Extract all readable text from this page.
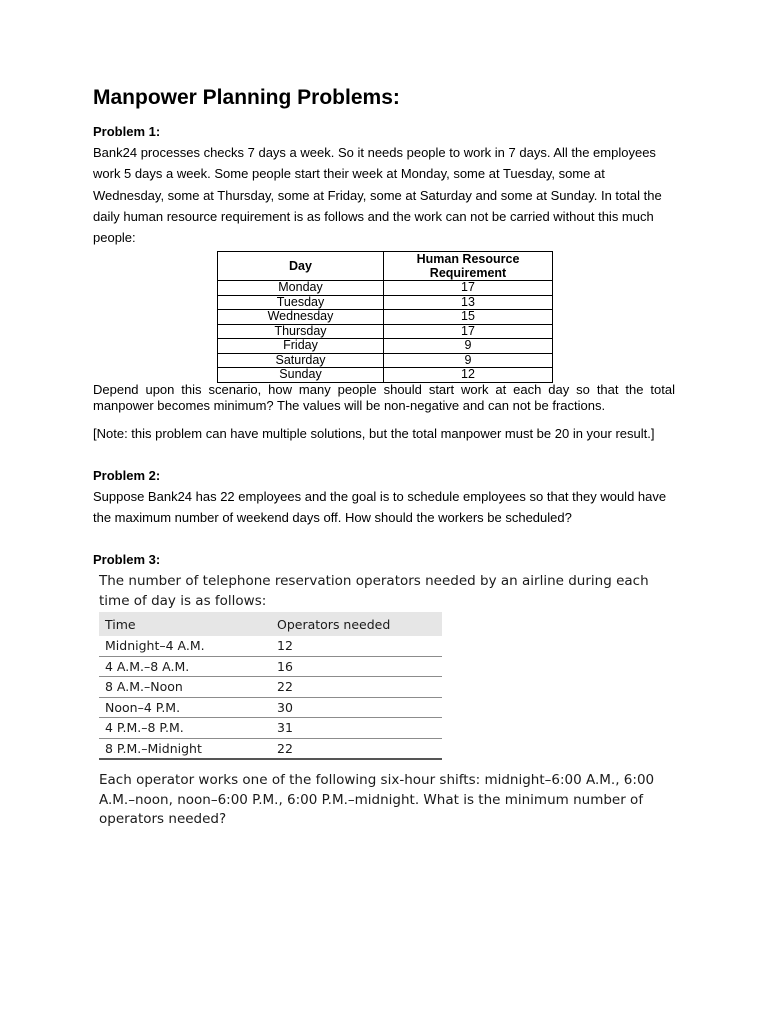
Manpower Planning Problems:

Problem 1:

Bank24 processes checks 7 days a week. So it needs people to work in 7 days. All the employees work 5 days a week. Some people start their week at Monday, some at Tuesday, some at Wednesday, some at Thursday, some at Friday, some at Saturday and some at Sunday. In total the daily human resource requirement is as follows and the work can not be carried without this much people:

Day	Human Resource Requirement
Monday	17
Tuesday	13
Wednesday	15
Thursday	17
Friday	9
Saturday	9
Sunday	12

Depend upon this scenario, how many people should start work at each day so that the total manpower becomes minimum? The values will be non-negative and can not be fractions.

[Note: this problem can have multiple solutions, but the total manpower must be 20 in your result.]

Problem 2:

Suppose Bank24 has 22 employees and the goal is to schedule employees so that they would have the maximum number of weekend days off. How should the workers be scheduled?

Problem 3:

The number of telephone reservation operators needed by an airline during each time of day is as follows:

Time	Operators needed
Midnight–4 A.M.	12
4 A.M.–8 A.M.	16
8 A.M.–Noon	22
Noon–4 P.M.	30
4 P.M.–8 P.M.	31
8 P.M.–Midnight	22

Each operator works one of the following six-hour shifts: midnight–6:00 A.M., 6:00 A.M.–noon, noon–6:00 P.M., 6:00 P.M.–midnight. What is the minimum number of operators needed?
